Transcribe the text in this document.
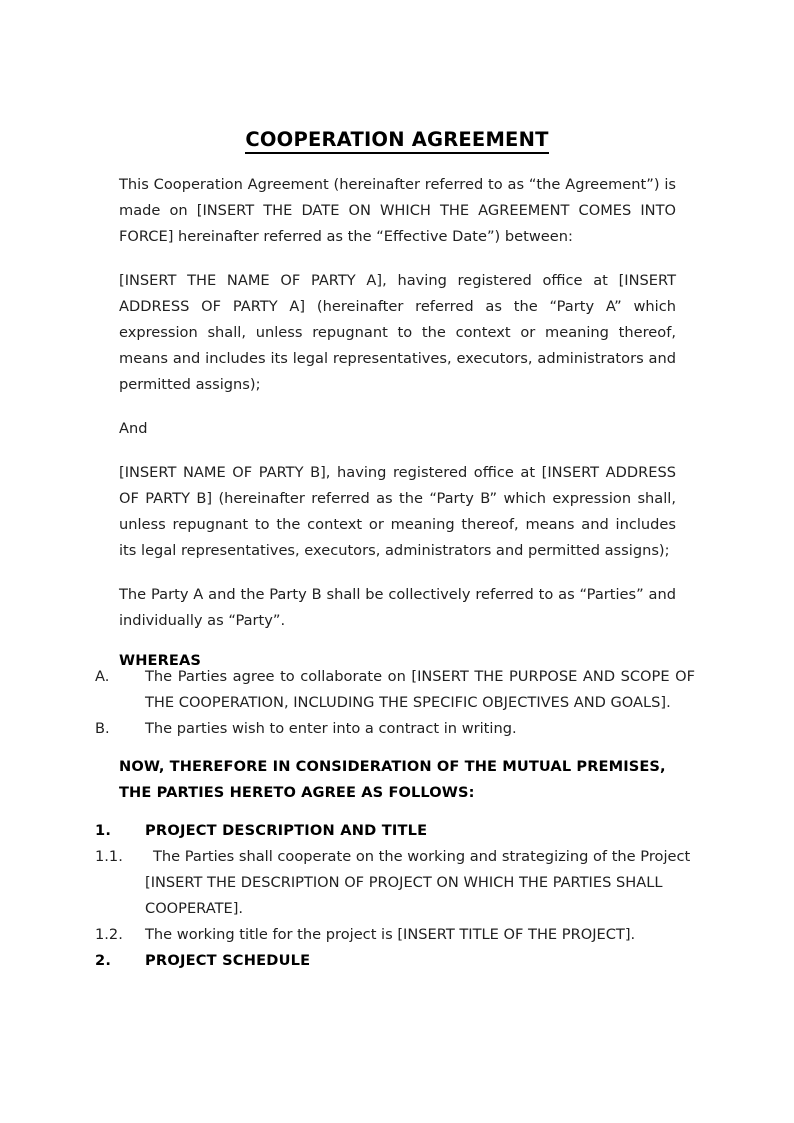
COOPERATION AGREEMENT

This Cooperation Agreement (hereinafter referred to as “the Agreement”) is made on [INSERT THE DATE ON WHICH THE AGREEMENT COMES INTO FORCE] hereinafter referred as the “Effective Date”) between:

[INSERT THE NAME OF PARTY A], having registered office at [INSERT ADDRESS OF PARTY A] (hereinafter referred as the “Party A” which expression shall, unless repugnant to the context or meaning thereof, means and includes its legal representatives, executors, administrators and permitted assigns);

And

[INSERT NAME OF PARTY B], having registered office at [INSERT ADDRESS OF PARTY B] (hereinafter referred as the “Party B” which expression shall, unless repugnant to the context or meaning thereof, means and includes its legal representatives, executors, administrators and permitted assigns);

The Party A and the Party B shall be collectively referred to as “Parties” and individually as “Party”.

WHEREAS

A.	The Parties agree to collaborate on [INSERT THE PURPOSE AND SCOPE OF THE COOPERATION, INCLUDING THE SPECIFIC OBJECTIVES AND GOALS].
B.	The parties wish to enter into a contract in writing.

NOW, THEREFORE IN CONSIDERATION OF THE MUTUAL PREMISES, THE PARTIES HERETO AGREE AS FOLLOWS:

1.	PROJECT DESCRIPTION AND TITLE
1.1.	The Parties shall cooperate on the working and strategizing of the Project [INSERT THE DESCRIPTION OF PROJECT ON WHICH THE PARTIES SHALL COOPERATE].
1.2.	The working title for the project is [INSERT TITLE OF THE PROJECT].
2.	PROJECT SCHEDULE
